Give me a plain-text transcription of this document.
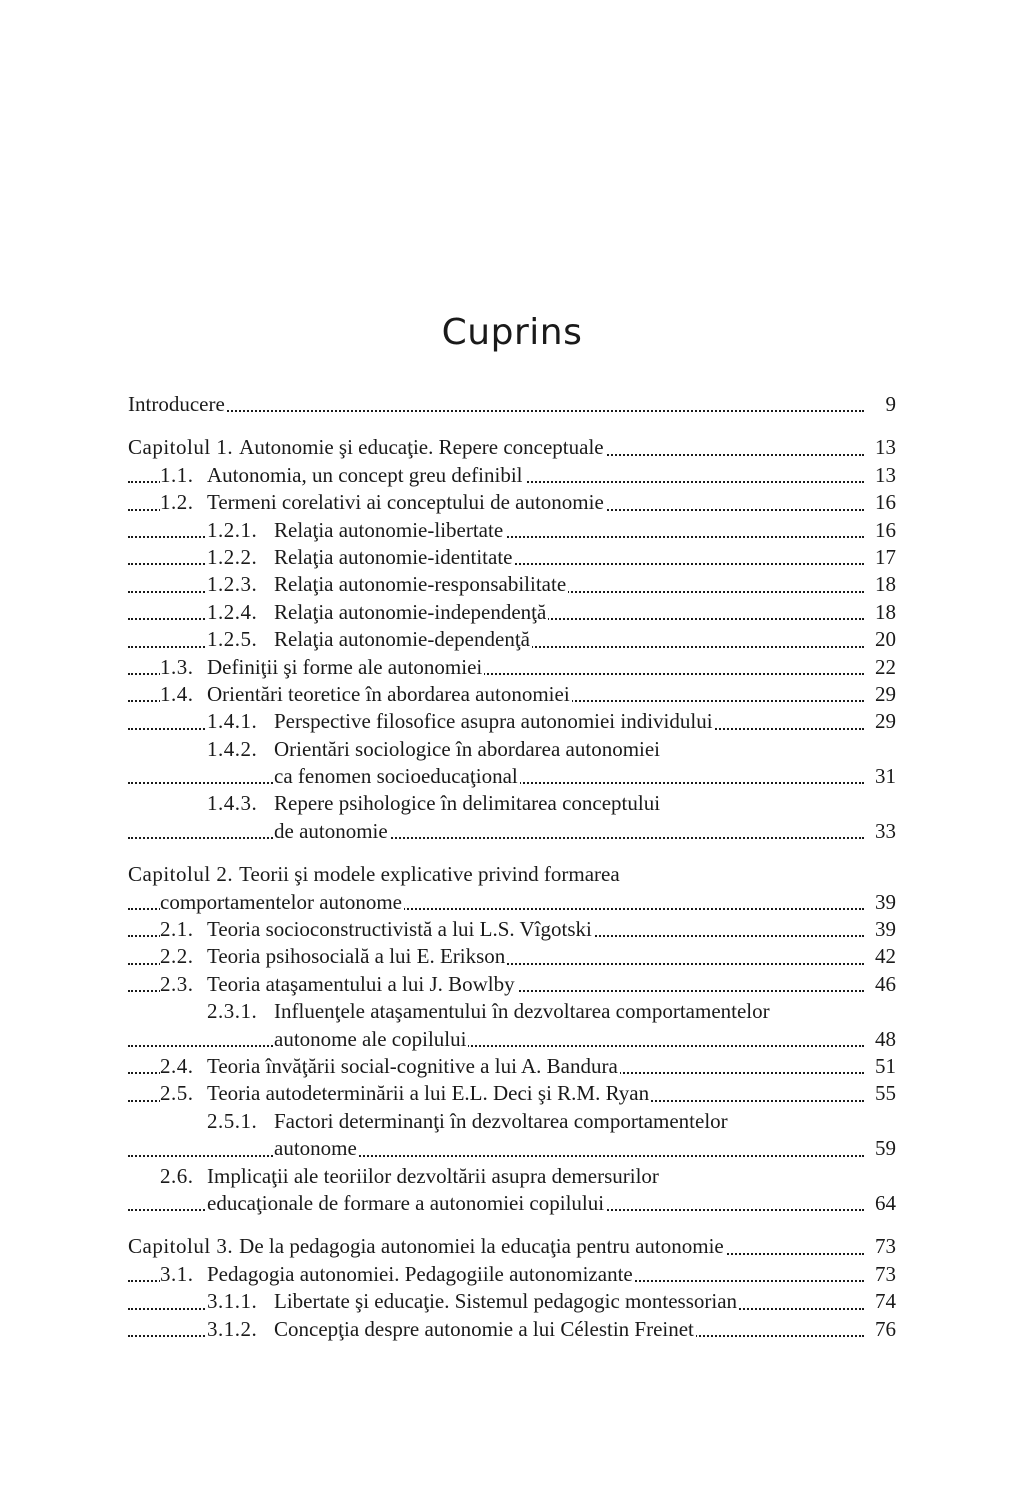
Cuprins
Introducere	9
Capitolul 1. Autonomie şi educaţie. Repere conceptuale	13
1.1. Autonomia, un concept greu definibil	13
1.2. Termeni corelativi ai conceptului de autonomie	16
1.2.1. Relaţia autonomie-libertate	16
1.2.2. Relaţia autonomie-identitate	17
1.2.3. Relaţia autonomie-responsabilitate	18
1.2.4. Relaţia autonomie-independenţă	18
1.2.5. Relaţia autonomie-dependenţă	20
1.3. Definiţii şi forme ale autonomiei	22
1.4. Orientări teoretice în abordarea autonomiei	29
1.4.1. Perspective filosofice asupra autonomiei individului	29
1.4.2. Orientări sociologice în abordarea autonomiei
ca fenomen socioeducaţional	31
1.4.3. Repere psihologice în delimitarea conceptului
de autonomie	33
Capitolul 2. Teorii şi modele explicative privind formarea
comportamentelor autonome	39
2.1. Teoria socioconstructivistă a lui L.S. Vîgotski	39
2.2. Teoria psihosocială a lui E. Erikson	42
2.3. Teoria ataşamentului a lui J. Bowlby	46
2.3.1. Influenţele ataşamentului în dezvoltarea comportamentelor
autonome ale copilului	48
2.4. Teoria învăţării social-cognitive a lui A. Bandura	51
2.5. Teoria autodeterminării a lui E.L. Deci şi R.M. Ryan	55
2.5.1. Factori determinanţi în dezvoltarea comportamentelor
autonome	59
2.6. Implicaţii ale teoriilor dezvoltării asupra demersurilor
educaţionale de formare a autonomiei copilului	64
Capitolul 3. De la pedagogia autonomiei la educaţia pentru autonomie	73
3.1. Pedagogia autonomiei. Pedagogiile autonomizante	73
3.1.1. Libertate şi educaţie. Sistemul pedagogic montessorian	74
3.1.2. Concepţia despre autonomie a lui Célestin Freinet	76
